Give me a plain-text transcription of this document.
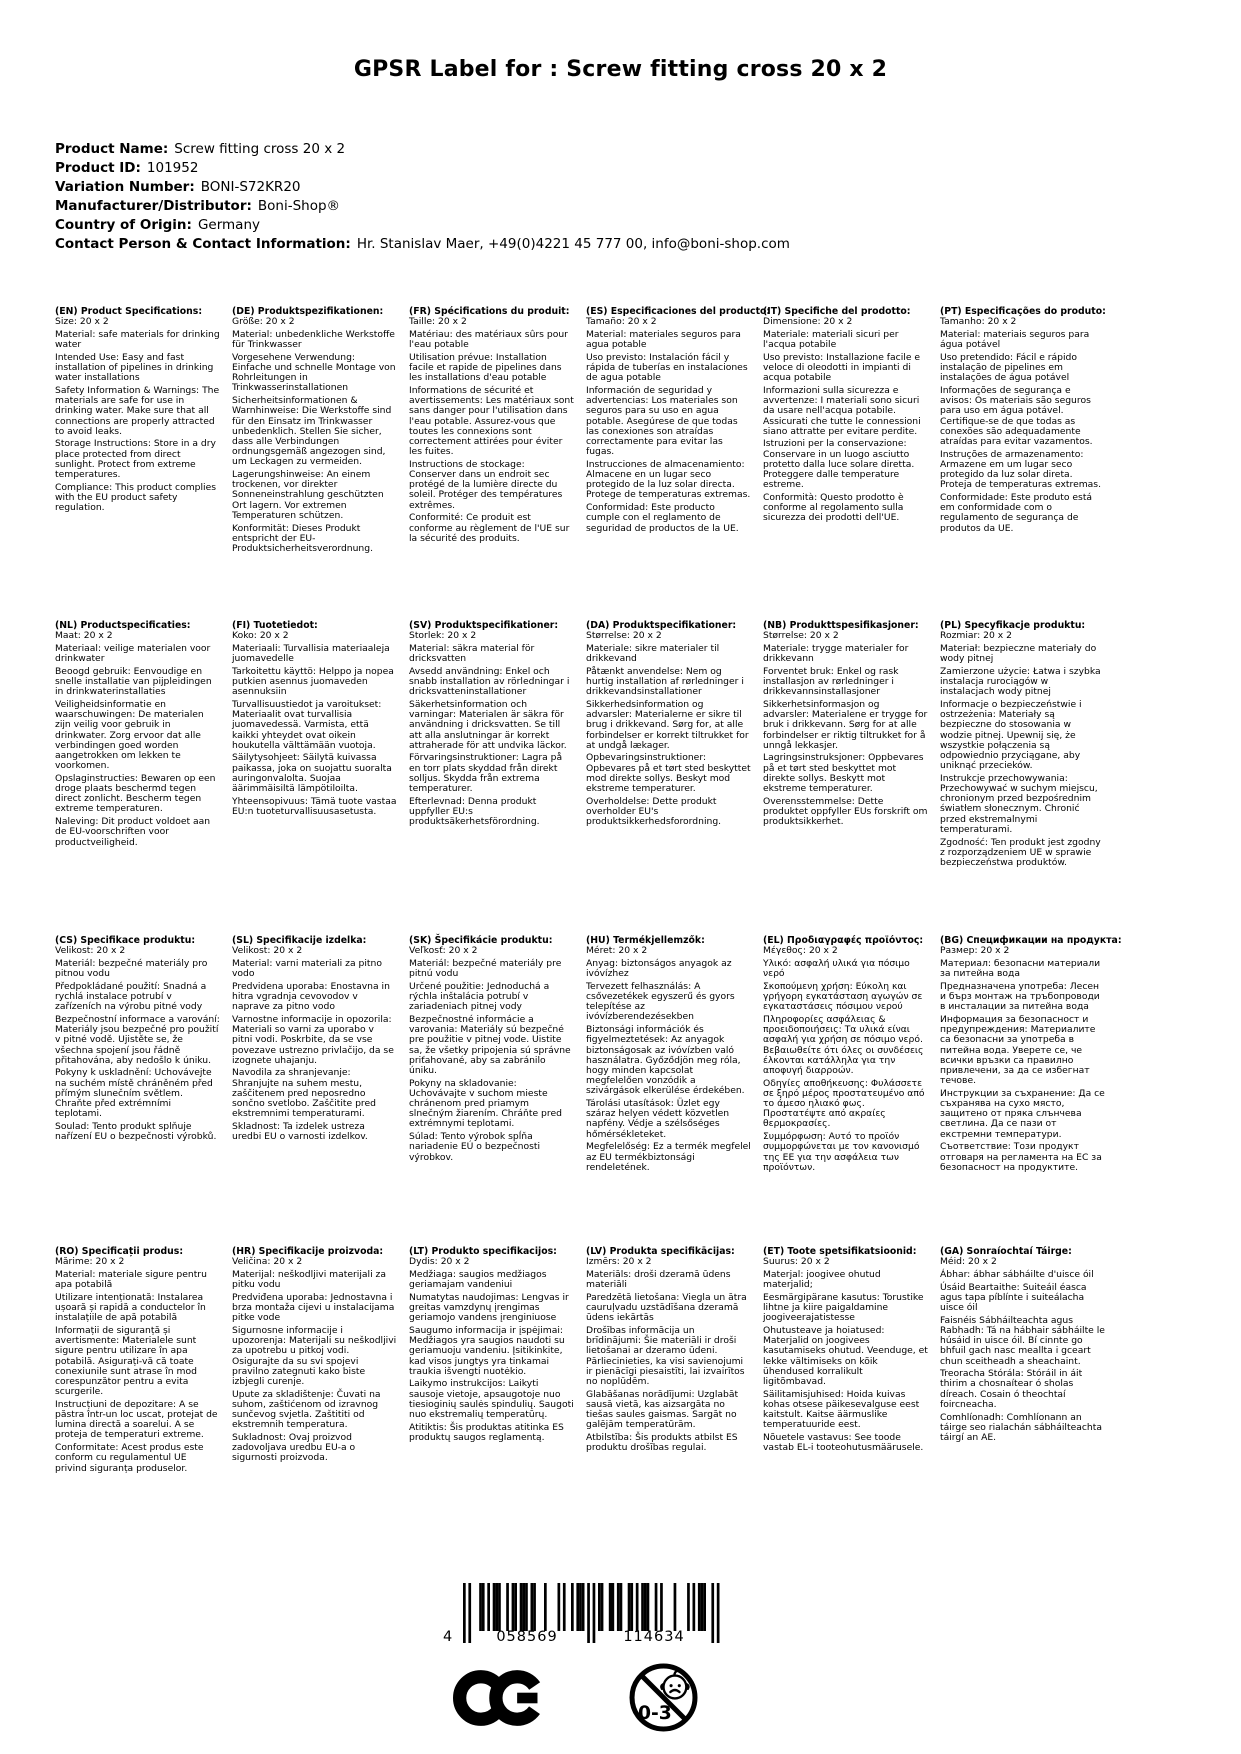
GPSR Label for : Screw fitting cross 20 x 2
Product Name: Screw fitting cross 20 x 2
Product ID: 101952
Variation Number: BONI-S72KR20
Manufacturer/Distributor: Boni-Shop®
Country of Origin: Germany
Contact Person & Contact Information: Hr. Stanislav Maer, +49(0)4221 45 777 00, info@boni-shop.com
(EN) Product Specifications:
Size: 20 x 2

Material: safe materials for drinking water

Intended Use: Easy and fast installation of pipelines in drinking water installations

Safety Information & Warnings: The materials are safe for use in drinking water. Make sure that all connections are properly attracted to avoid leaks.

Storage Instructions: Store in a dry place protected from direct sunlight. Protect from extreme temperatures.

Compliance: This product complies with the EU product safety regulation.

(DE) Produktspezifikationen:
Größe: 20 x 2

Material: unbedenkliche Werkstoffe für Trinkwasser

Vorgesehene Verwendung: Einfache und schnelle Montage von Rohrleitungen in Trinkwasserinstallationen

Sicherheitsinformationen & Warnhinweise: Die Werkstoffe sind für den Einsatz im Trinkwasser unbedenklich. Stellen Sie sicher, dass alle Verbindungen ordnungsgemäß angezogen sind, um Leckagen zu vermeiden.

Lagerungshinweise: An einem trockenen, vor direkter Sonneneinstrahlung geschützten Ort lagern. Vor extremen Temperaturen schützen.

Konformität: Dieses Produkt entspricht der EU-Produktsicherheitsverordnung.

(FR) Spécifications du produit:
Taille: 20 x 2

Matériau: des matériaux sûrs pour l'eau potable

Utilisation prévue: Installation facile et rapide de pipelines dans les installations d'eau potable

Informations de sécurité et avertissements: Les matériaux sont sans danger pour l'utilisation dans l'eau potable. Assurez-vous que toutes les connexions sont correctement attirées pour éviter les fuites.

Instructions de stockage: Conserver dans un endroit sec protégé de la lumière directe du soleil. Protéger des températures extrêmes.

Conformité: Ce produit est conforme au règlement de l'UE sur la sécurité des produits.

(ES) Especificaciones del producto:
Tamaño: 20 x 2

Material: materiales seguros para agua potable

Uso previsto: Instalación fácil y rápida de tuberías en instalaciones de agua potable

Información de seguridad y advertencias: Los materiales son seguros para su uso en agua potable. Asegúrese de que todas las conexiones son atraídas correctamente para evitar las fugas.

Instrucciones de almacenamiento: Almacene en un lugar seco protegido de la luz solar directa. Protege de temperaturas extremas.

Conformidad: Este producto cumple con el reglamento de seguridad de productos de la UE.

(IT) Specifiche del prodotto:
Dimensione: 20 x 2

Materiale: materiali sicuri per l'acqua potabile

Uso previsto: Installazione facile e veloce di oleodotti in impianti di acqua potabile

Informazioni sulla sicurezza e avvertenze: I materiali sono sicuri da usare nell'acqua potabile. Assicurati che tutte le connessioni siano attratte per evitare perdite.

Istruzioni per la conservazione: Conservare in un luogo asciutto protetto dalla luce solare diretta. Proteggere dalle temperature estreme.

Conformità: Questo prodotto è conforme al regolamento sulla sicurezza dei prodotti dell'UE.

(PT) Especificações do produto:
Tamanho: 20 x 2

Material: materiais seguros para água potável

Uso pretendido: Fácil e rápido instalação de pipelines em instalações de água potável

Informações de segurança e avisos: Os materiais são seguros para uso em água potável. Certifique-se de que todas as conexões são adequadamente atraídas para evitar vazamentos.

Instruções de armazenamento: Armazene em um lugar seco protegido da luz solar direta. Proteja de temperaturas extremas.

Conformidade: Este produto está em conformidade com o regulamento de segurança de produtos da UE.

(NL) Productspecificaties:
Maat: 20 x 2

Materiaal: veilige materialen voor drinkwater

Beoogd gebruik: Eenvoudige en snelle installatie van pijpleidingen in drinkwaterinstallaties

Veiligheidsinformatie en waarschuwingen: De materialen zijn veilig voor gebruik in drinkwater. Zorg ervoor dat alle verbindingen goed worden aangetrokken om lekken te voorkomen.

Opslaginstructies: Bewaren op een droge plaats beschermd tegen direct zonlicht. Bescherm tegen extreme temperaturen.

Naleving: Dit product voldoet aan de EU-voorschriften voor productveiligheid.

(FI) Tuotetiedot:
Koko: 20 x 2

Materiaali: Turvallisia materiaaleja juomavedelle

Tarkoitettu käyttö: Helppo ja nopea putkien asennus juomaveden asennuksiin

Turvallisuustiedot ja varoitukset: Materiaalit ovat turvallisia juomavedessä. Varmista, että kaikki yhteydet ovat oikein houkutella välttämään vuotoja.

Säilytysohjeet: Säilytä kuivassa paikassa, joka on suojattu suoralta auringonvalolta. Suojaa äärimmäisiltä lämpötiloilta.

Yhteensopivuus: Tämä tuote vastaa EU:n tuoteturvallisuusasetusta.

(SV) Produktspecifikationer:
Storlek: 20 x 2

Material: säkra material för dricksvatten

Avsedd användning: Enkel och snabb installation av rörledningar i dricksvatteninstallationer

Säkerhetsinformation och varningar: Materialen är säkra för användning i dricksvatten. Se till att alla anslutningar är korrekt attraherade för att undvika läckor.

Förvaringsinstruktioner: Lagra på en torr plats skyddad från direkt solljus. Skydda från extrema temperaturer.

Efterlevnad: Denna produkt uppfyller EU:s produktsäkerhetsförordning.

(DA) Produktspecifikationer:
Størrelse: 20 x 2

Materiale: sikre materialer til drikkevand

Påtænkt anvendelse: Nem og hurtig installation af rørledninger i drikkevandsinstallationer

Sikkerhedsinformation og advarsler: Materialerne er sikre til brug i drikkevand. Sørg for, at alle forbindelser er korrekt tiltrukket for at undgå lækager.

Opbevaringsinstruktioner: Opbevares på et tørt sted beskyttet mod direkte sollys. Beskyt mod ekstreme temperaturer.

Overholdelse: Dette produkt overholder EU's produktsikkerhedsforordning.

(NB) Produkttspesifikasjoner:
Størrelse: 20 x 2

Materiale: trygge materialer for drikkevann

Forventet bruk: Enkel og rask installasjon av rørledninger i drikkevannsinstallasjoner

Sikkerhetsinformasjon og advarsler: Materialene er trygge for bruk i drikkevann. Sørg for at alle forbindelser er riktig tiltrukket for å unngå lekkasjer.

Lagringsinstruksjoner: Oppbevares på et tørt sted beskyttet mot direkte sollys. Beskytt mot ekstreme temperaturer.

Overensstemmelse: Dette produktet oppfyller EUs forskrift om produktsikkerhet.

(PL) Specyfikacje produktu:
Rozmiar: 20 x 2

Materiał: bezpieczne materiały do wody pitnej

Zamierzone użycie: Łatwa i szybka instalacja rurociągów w instalacjach wody pitnej

Informacje o bezpieczeństwie i ostrzeżenia: Materiały są bezpieczne do stosowania w wodzie pitnej. Upewnij się, że wszystkie połączenia są odpowiednio przyciągane, aby uniknąć przecieków.

Instrukcje przechowywania: Przechowywać w suchym miejscu, chronionym przed bezpośrednim światłem słonecznym. Chronić przed ekstremalnymi temperaturami.

Zgodność: Ten produkt jest zgodny z rozporządzeniem UE w sprawie bezpieczeństwa produktów.

(CS) Specifikace produktu:
Velikost: 20 x 2

Materiál: bezpečné materiály pro pitnou vodu

Předpokládané použití: Snadná a rychlá instalace potrubí v zařízeních na výrobu pitné vody

Bezpečnostní informace a varování: Materiály jsou bezpečné pro použití v pitné vodě. Ujistěte se, že všechna spojení jsou řádně přitahována, aby nedošlo k úniku.

Pokyny k uskladnění: Uchovávejte na suchém místě chráněném před přímým slunečním světlem. Chraňte před extrémními teplotami.

Soulad: Tento produkt splňuje nařízení EU o bezpečnosti výrobků.

(SL) Specifikacije izdelka:
Velikost: 20 x 2

Material: varni materiali za pitno vodo

Predvidena uporaba: Enostavna in hitra vgradnja cevovodov v naprave za pitno vodo

Varnostne informacije in opozorila: Materiali so varni za uporabo v pitni vodi. Poskrbite, da se vse povezave ustrezno privlačijo, da se izognete uhajanju.

Navodila za shranjevanje: Shranjujte na suhem mestu, zaščitenem pred neposredno sončno svetlobo. Zaščitite pred ekstremnimi temperaturami.

Skladnost: Ta izdelek ustreza uredbi EU o varnosti izdelkov.

(SK) Špecifikácie produktu:
Veľkosť: 20 x 2

Materiál: bezpečné materiály pre pitnú vodu

Určené použitie: Jednoduchá a rýchla inštalácia potrubí v zariadeniach pitnej vody

Bezpečnostné informácie a varovania: Materiály sú bezpečné pre použitie v pitnej vode. Uistite sa, že všetky pripojenia sú správne priťahované, aby sa zabránilo úniku.

Pokyny na skladovanie: Uchovávajte v suchom mieste chránenom pred priamym slnečným žiarením. Chráňte pred extrémnymi teplotami.

Súlad: Tento výrobok spĺňa nariadenie EÚ o bezpečnosti výrobkov.

(HU) Termékjellemzők:
Méret: 20 x 2

Anyag: biztonságos anyagok az ivóvízhez

Tervezett felhasználás: A csővezetékek egyszerű és gyors telepítése az ivóvízberendezésekben

Biztonsági információk és figyelmeztetések: Az anyagok biztonságosak az ivóvízben való használatra. Győződjön meg róla, hogy minden kapcsolat megfelelően vonzódik a szivárgások elkerülése érdekében.

Tárolási utasítások: Üzlet egy száraz helyen védett közvetlen napfény. Védje a szélsőséges hőmérsékleteket.

Megfelelőség: Ez a termék megfelel az EU termékbiztonsági rendeletének.

(EL) Προδιαγραφές προϊόντος:
Μέγεθος: 20 x 2

Υλικό: ασφαλή υλικά για πόσιμο νερό

Σκοπούμενη χρήση: Εύκολη και γρήγορη εγκατάσταση αγωγών σε εγκαταστάσεις πόσιμου νερού

Πληροφορίες ασφάλειας & προειδοποιήσεις: Τα υλικά είναι ασφαλή για χρήση σε πόσιμο νερό. Βεβαιωθείτε ότι όλες οι συνδέσεις έλκονται κατάλληλα για την αποφυγή διαρροών.

Οδηγίες αποθήκευσης: Φυλάσσετε σε ξηρό μέρος προστατευμένο από το άμεσο ηλιακό φως. Προστατέψτε από ακραίες θερμοκρασίες.

Συμμόρφωση: Αυτό το προϊόν συμμορφώνεται με τον κανονισμό της ΕΕ για την ασφάλεια των προϊόντων.

(BG) Спецификации на продукта:
Размер: 20 x 2

Материал: безопасни материали за питейна вода

Предназначена употреба: Лесен и бърз монтаж на тръбопроводи в инсталации за питейна вода

Информация за безопасност и предупреждения: Материалите са безопасни за употреба в питейна вода. Уверете се, че всички връзки са правилно привлечени, за да се избегнат течове.

Инструкции за съхранение: Да се съхранява на сухо място, защитено от пряка слънчева светлина. Да се пази от екстремни температури.

Съответствие: Този продукт отговаря на регламента на ЕС за безопасност на продуктите.

(RO) Specificații produs:
Mărime: 20 x 2

Material: materiale sigure pentru apa potabilă

Utilizare intenționată: Instalarea ușoară și rapidă a conductelor în instalațiile de apă potabilă

Informații de siguranță și avertismente: Materialele sunt sigure pentru utilizare în apa potabilă. Asigurați-vă că toate conexiunile sunt atrase în mod corespunzător pentru a evita scurgerile.

Instrucțiuni de depozitare: A se păstra într-un loc uscat, protejat de lumina directă a soarelui. A se proteja de temperaturi extreme.

Conformitate: Acest produs este conform cu regulamentul UE privind siguranța produselor.

(HR) Specifikacije proizvoda:
Veličina: 20 x 2

Materijal: neškodljivi materijali za pitku vodu

Predviđena uporaba: Jednostavna i brza montaža cijevi u instalacijama pitke vode

Sigurnosne informacije i upozorenja: Materijali su neškodljivi za upotrebu u pitkoj vodi. Osigurajte da su svi spojevi pravilno zategnuti kako biste izbjegli curenje.

Upute za skladištenje: Čuvati na suhom, zaštićenom od izravnog sunčevog svjetla. Zaštititi od ekstremnih temperatura.

Sukladnost: Ovaj proizvod zadovoljava uredbu EU-a o sigurnosti proizvoda.

(LT) Produkto specifikacijos:
Dydis: 20 x 2

Medžiaga: saugios medžiagos geriamajam vandeniui

Numatytas naudojimas: Lengvas ir greitas vamzdynų įrengimas geriamojo vandens įrenginiuose

Saugumo informacija ir įspėjimai: Medžiagos yra saugios naudoti su geriamuoju vandeniu. Įsitikinkite, kad visos jungtys yra tinkamai traukia išvengti nuotėkio.

Laikymo instrukcijos: Laikyti sausoje vietoje, apsaugotoje nuo tiesioginių saulės spindulių. Saugoti nuo ekstremalių temperatūrų.

Atitiktis: Šis produktas atitinka ES produktų saugos reglamentą.

(LV) Produkta specifikācijas:
Izmērs: 20 x 2

Materiāls: droši dzeramā ūdens materiāli

Paredzētā lietošana: Viegla un ātra cauruļvadu uzstādīšana dzeramā ūdens iekārtās

Drošības informācija un brīdinājumi: Šie materiāli ir droši lietošanai ar dzeramo ūdeni. Pārliecinieties, ka visi savienojumi ir pienācīgi piesaistīti, lai izvairītos no noplūdēm.

Glabāšanas norādījumi: Uzglabāt sausā vietā, kas aizsargāta no tiešas saules gaismas. Sargāt no galējām temperatūrām.

Atbilstība: Šis produkts atbilst ES produktu drošības regulai.

(ET) Toote spetsifikatsioonid:
Suurus: 20 x 2

Materjal: joogivee ohutud materjalid;

Eesmärgipärane kasutus: Torustike lihtne ja kiire paigaldamine joogiveerajatistesse

Ohutusteave ja hoiatused: Materjalid on joogivees kasutamiseks ohutud. Veenduge, et lekke vältimiseks on kõik ühendused korralikult ligitõmbavad.

Säilitamisjuhised: Hoida kuivas kohas otsese päikesevalguse eest kaitstult. Kaitse äärmuslike temperatuuride eest.

Nõuetele vastavus: See toode vastab EL-i tooteohutusmäärusele.

(GA) Sonraíochtaí Táirge:
Méid: 20 x 2

Ábhar: ábhar sábháilte d'uisce óil

Úsáid Beartaithe: Suiteáil éasca agus tapa píblínte i suiteálacha uisce óil

Faisnéis Sábháilteachta agus Rabhadh: Tá na hábhair sábháilte le húsáid in uisce óil. Bí cinnte go bhfuil gach nasc meallta i gceart chun sceitheadh a sheachaint.

Treoracha Stórála: Stóráil in áit thirim a chosnaítear ó sholas díreach. Cosain ó theochtaí foircneacha.

Comhlíonadh: Comhlíonann an táirge seo rialachán sábháilteachta táirgí an AE.

4	058569	114634
0-3
